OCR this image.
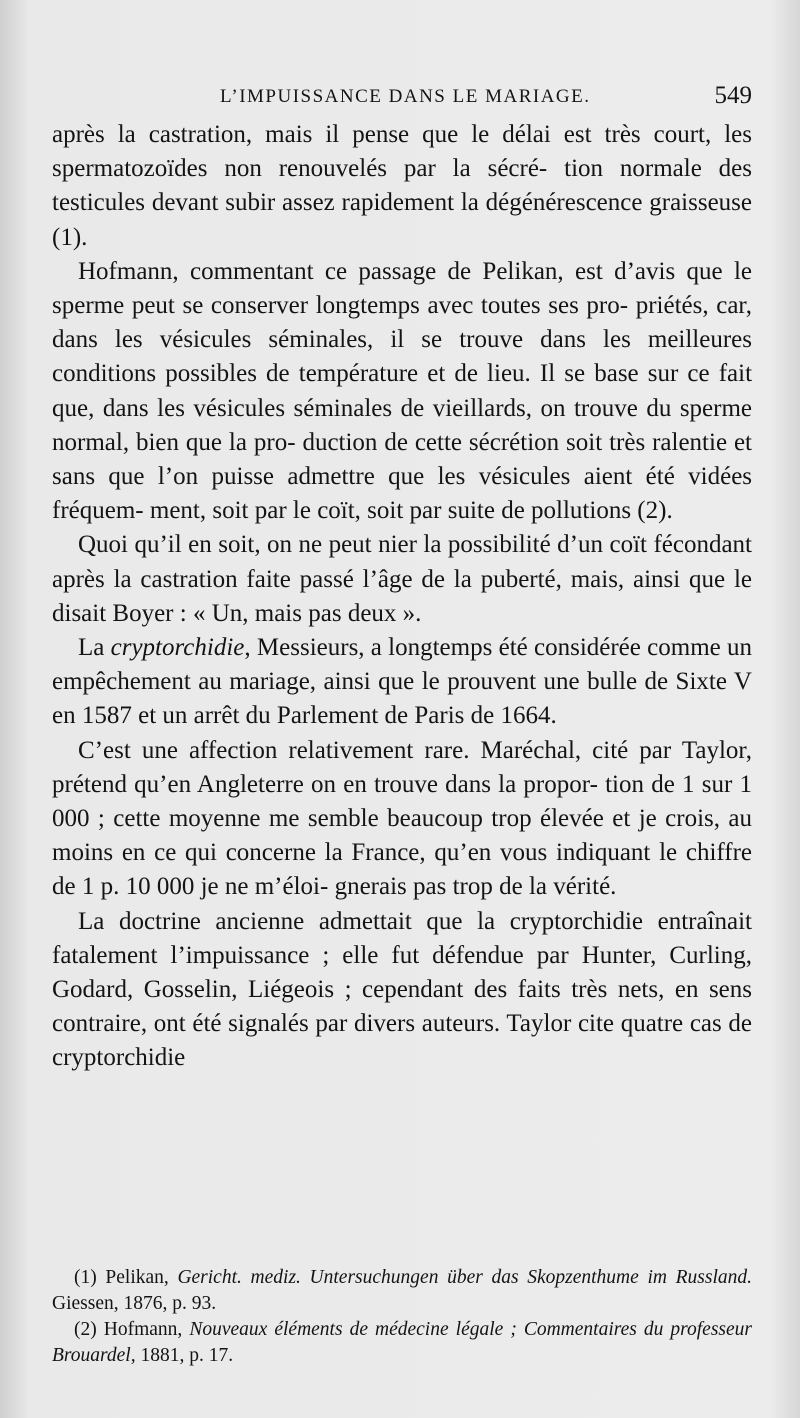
L’IMPUISSANCE DANS LE MARIAGE.	549

après la castration, mais il pense que le délai est très court, les spermatozoïdes non renouvelés par la sécré- tion normale des testicules devant subir assez rapidement la dégénérescence graisseuse (1).

Hofmann, commentant ce passage de Pelikan, est d’avis que le sperme peut se conserver longtemps avec toutes ses pro- priétés, car, dans les vésicules séminales, il se trouve dans les meilleures conditions possibles de température et de lieu. Il se base sur ce fait que, dans les vésicules séminales de vieillards, on trouve du sperme normal, bien que la pro- duction de cette sécrétion soit très ralentie et sans que l’on puisse admettre que les vésicules aient été vidées fréquem- ment, soit par le coït, soit par suite de pollutions (2).

Quoi qu’il en soit, on ne peut nier la possibilité d’un coït fécondant après la castration faite passé l’âge de la puberté, mais, ainsi que le disait Boyer : « Un, mais pas deux ».

La cryptorchidie, Messieurs, a longtemps été considérée comme un empêchement au mariage, ainsi que le prouvent une bulle de Sixte V en 1587 et un arrêt du Parlement de Paris de 1664.

C’est une affection relativement rare. Maréchal, cité par Taylor, prétend qu’en Angleterre on en trouve dans la propor- tion de 1 sur 1 000 ; cette moyenne me semble beaucoup trop élevée et je crois, au moins en ce qui concerne la France, qu’en vous indiquant le chiffre de 1 p. 10 000 je ne m’éloi- gnerais pas trop de la vérité.

La doctrine ancienne admettait que la cryptorchidie entraînait fatalement l’impuissance ; elle fut défendue par Hunter, Curling, Godard, Gosselin, Liégeois ; cependant des faits très nets, en sens contraire, ont été signalés par divers auteurs. Taylor cite quatre cas de cryptorchidie

(1) Pelikan, Gericht. mediz. Untersuchungen über das Skopzenthume im Russland. Giessen, 1876, p. 93.

(2) Hofmann, Nouveaux éléments de médecine légale ; Commentaires du professeur Brouardel, 1881, p. 17.
